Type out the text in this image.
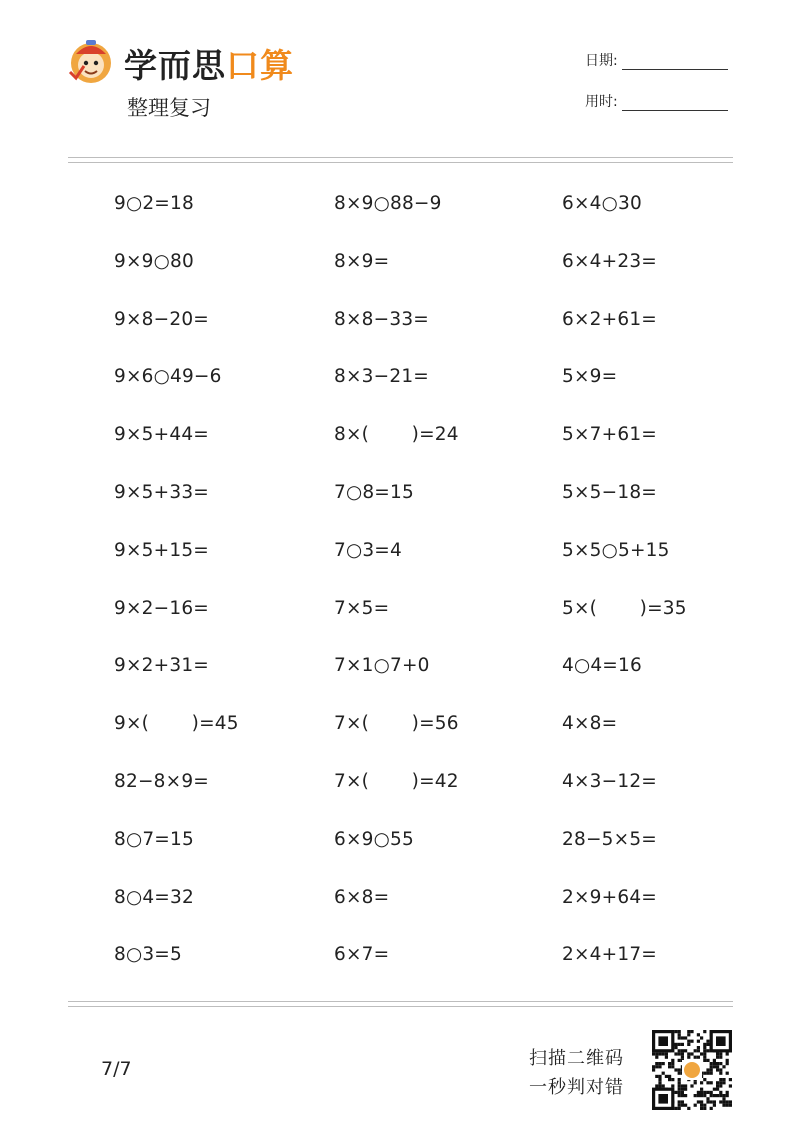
学而思口算
整理复习
日期:
用时:
9○2=18
9×9○80
9×8−20=
9×6○49−6
9×5+44=
9×5+33=
9×5+15=
9×2−16=
9×2+31=
9×(       )=45
82−8×9=
8○7=15
8○4=32
8○3=5
8×9○88−9
8×9=
8×8−33=
8×3−21=
8×(       )=24
7○8=15
7○3=4
7×5=
7×1○7+0
7×(       )=56
7×(       )=42
6×9○55
6×8=
6×7=
6×4○30
6×4+23=
6×2+61=
5×9=
5×7+61=
5×5−18=
5×5○5+15
5×(       )=35
4○4=16
4×8=
4×3−12=
28−5×5=
2×9+64=
2×4+17=
7/7	扫描二维码
一秒判对错
